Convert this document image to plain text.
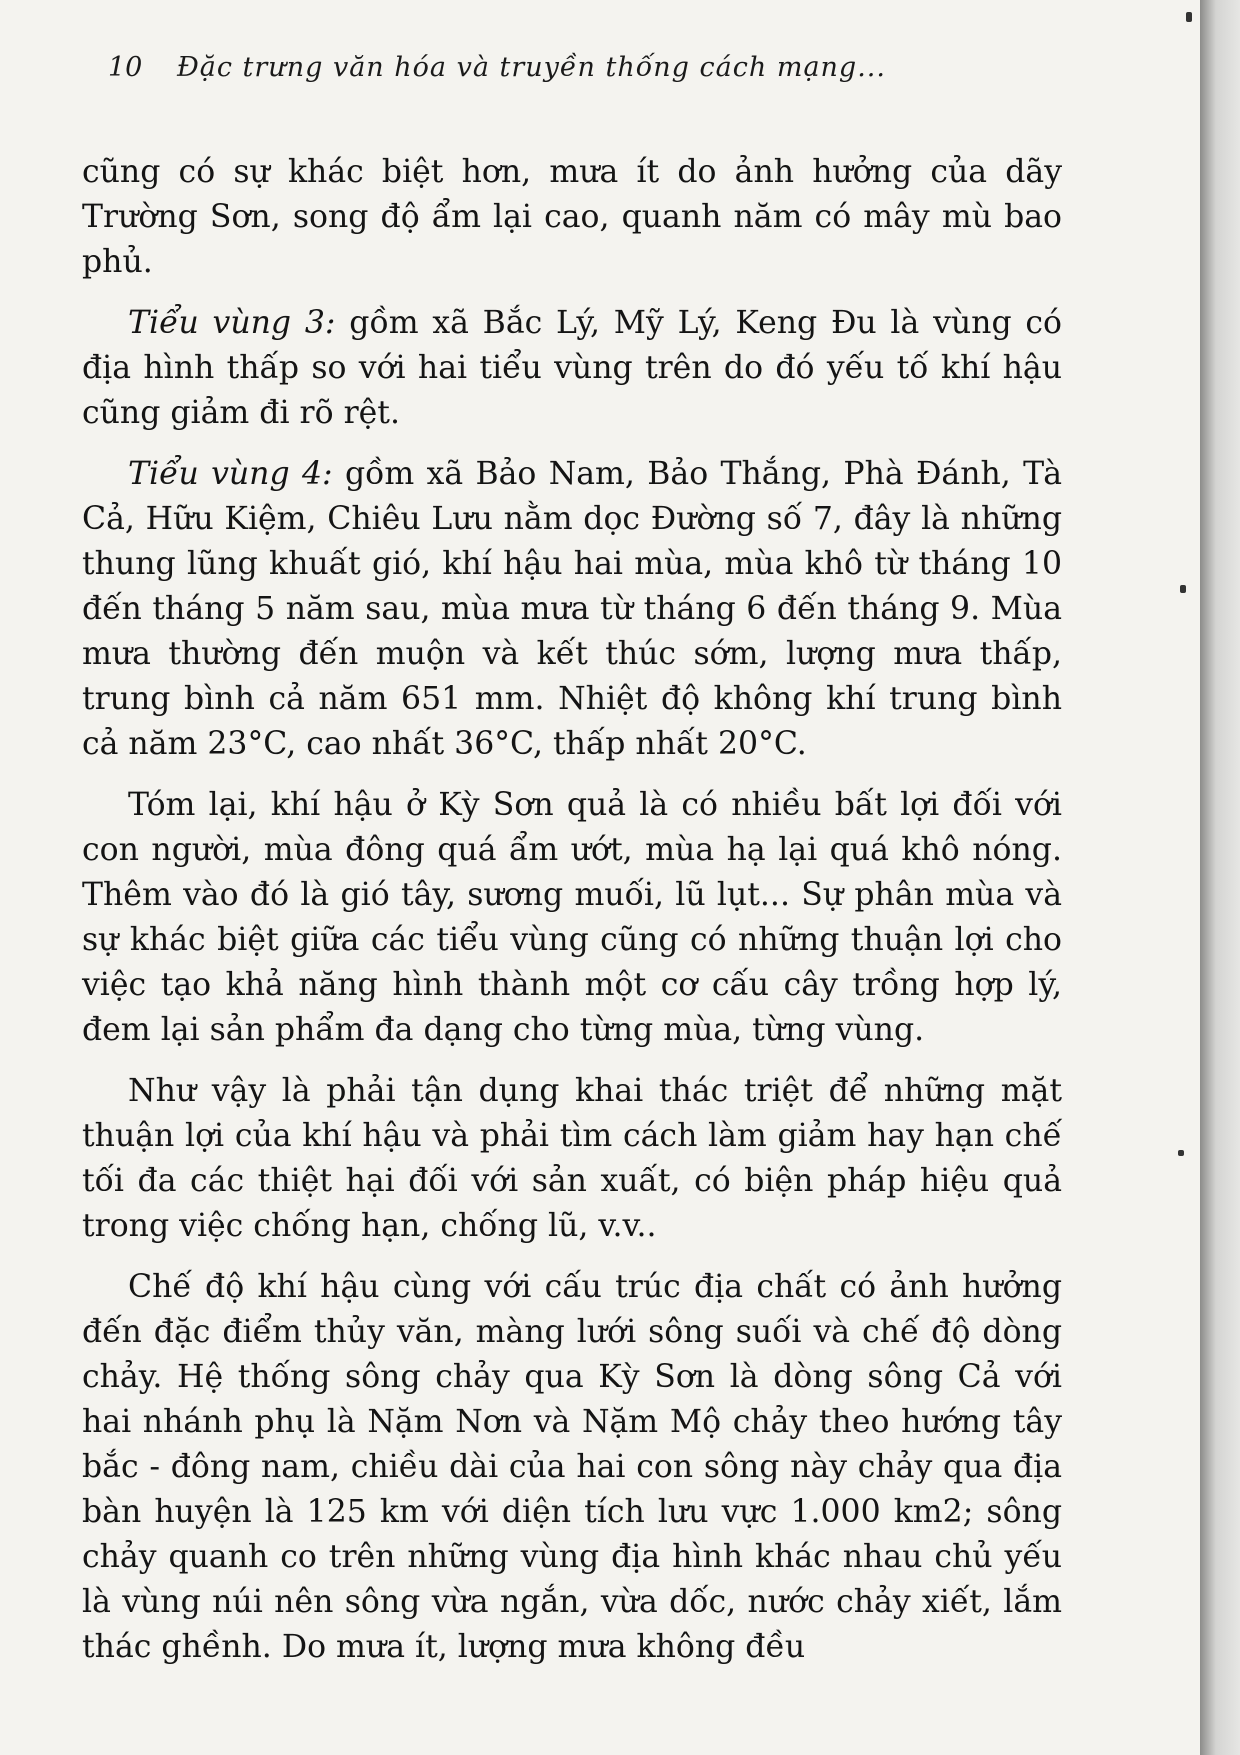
10 Đặc trưng văn hóa và truyền thống cách mạng...

cũng có sự khác biệt hơn, mưa ít do ảnh hưởng của dãy Trường Sơn, song độ ẩm lại cao, quanh năm có mây mù bao phủ.

Tiểu vùng 3: gồm xã Bắc Lý, Mỹ Lý, Keng Đu là vùng có địa hình thấp so với hai tiểu vùng trên do đó yếu tố khí hậu cũng giảm đi rõ rệt.

Tiểu vùng 4: gồm xã Bảo Nam, Bảo Thắng, Phà Đánh, Tà Cả, Hữu Kiệm, Chiêu Lưu nằm dọc Đường số 7, đây là những thung lũng khuất gió, khí hậu hai mùa, mùa khô từ tháng 10 đến tháng 5 năm sau, mùa mưa từ tháng 6 đến tháng 9. Mùa mưa thường đến muộn và kết thúc sớm, lượng mưa thấp, trung bình cả năm 651 mm. Nhiệt độ không khí trung bình cả năm 23°C, cao nhất 36°C, thấp nhất 20°C.

Tóm lại, khí hậu ở Kỳ Sơn quả là có nhiều bất lợi đối với con người, mùa đông quá ẩm ướt, mùa hạ lại quá khô nóng. Thêm vào đó là gió tây, sương muối, lũ lụt... Sự phân mùa và sự khác biệt giữa các tiểu vùng cũng có những thuận lợi cho việc tạo khả năng hình thành một cơ cấu cây trồng hợp lý, đem lại sản phẩm đa dạng cho từng mùa, từng vùng.

Như vậy là phải tận dụng khai thác triệt để những mặt thuận lợi của khí hậu và phải tìm cách làm giảm hay hạn chế tối đa các thiệt hại đối với sản xuất, có biện pháp hiệu quả trong việc chống hạn, chống lũ, v.v..

Chế độ khí hậu cùng với cấu trúc địa chất có ảnh hưởng đến đặc điểm thủy văn, màng lưới sông suối và chế độ dòng chảy. Hệ thống sông chảy qua Kỳ Sơn là dòng sông Cả với hai nhánh phụ là Nặm Nơn và Nặm Mộ chảy theo hướng tây bắc - đông nam, chiều dài của hai con sông này chảy qua địa bàn huyện là 125 km với diện tích lưu vực 1.000 km2; sông chảy quanh co trên những vùng địa hình khác nhau chủ yếu là vùng núi nên sông vừa ngắn, vừa dốc, nước chảy xiết, lắm thác ghềnh. Do mưa ít, lượng mưa không đều
